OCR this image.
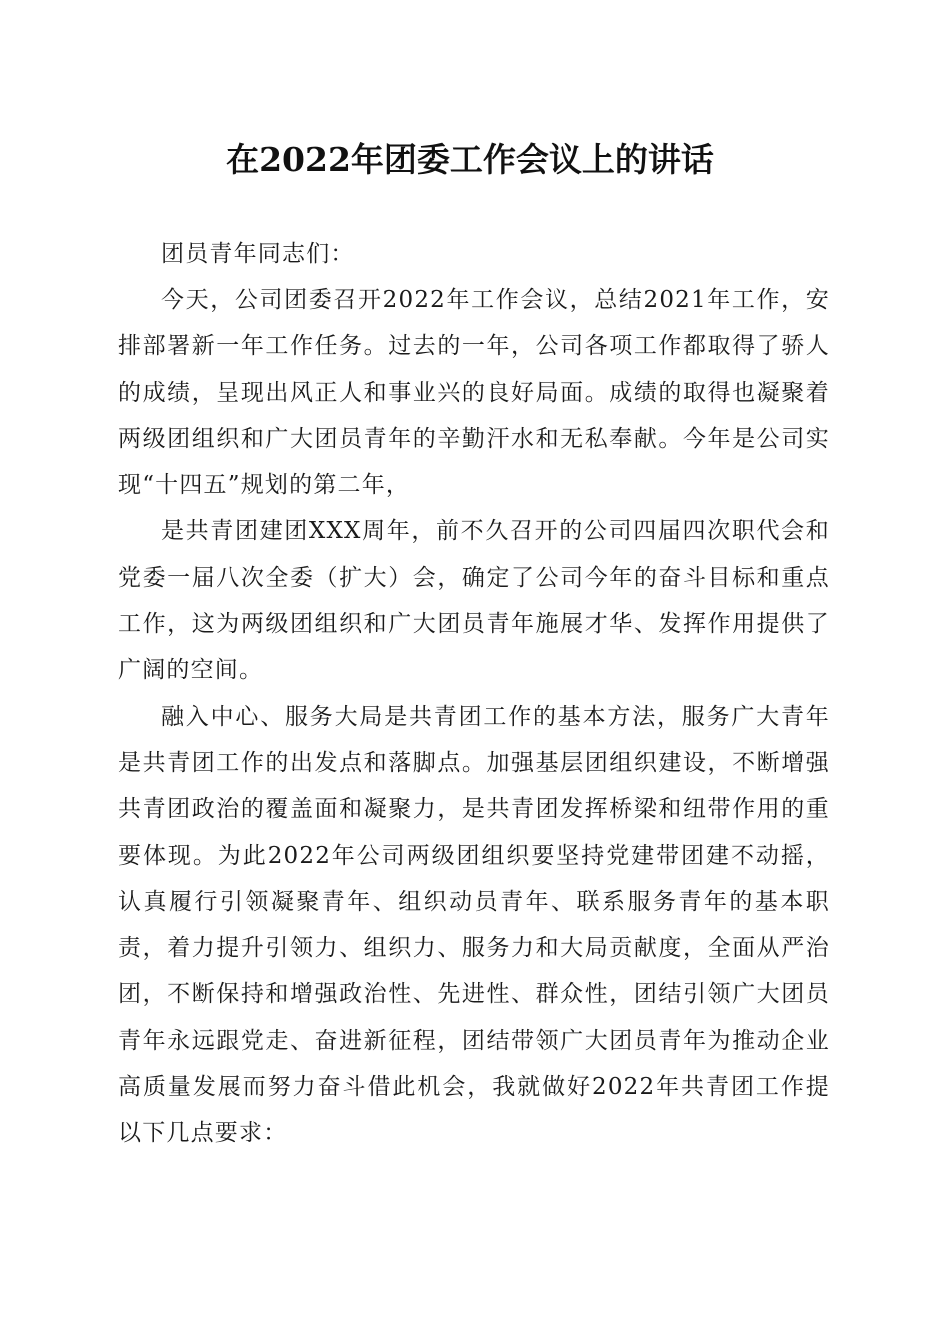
在2022年团委工作会议上的讲话

团员青年同志们：

今天，公司团委召开2022年工作会议，总结2021年工作，安排部署新一年工作任务。过去的一年，公司各项工作都取得了骄人的成绩，呈现出风正人和事业兴的良好局面。成绩的取得也凝聚着两级团组织和广大团员青年的辛勤汗水和无私奉献。今年是公司实现“十四五”规划的第二年，

是共青团建团XXX周年，前不久召开的公司四届四次职代会和党委一届八次全委（扩大）会，确定了公司今年的奋斗目标和重点工作，这为两级团组织和广大团员青年施展才华、发挥作用提供了广阔的空间。

融入中心、服务大局是共青团工作的基本方法，服务广大青年是共青团工作的出发点和落脚点。加强基层团组织建设，不断增强共青团政治的覆盖面和凝聚力，是共青团发挥桥梁和纽带作用的重要体现。为此2022年公司两级团组织要坚持党建带团建不动摇，认真履行引领凝聚青年、组织动员青年、联系服务青年的基本职责，着力提升引领力、组织力、服务力和大局贡献度，全面从严治团，不断保持和增强政治性、先进性、群众性，团结引领广大团员青年永远跟党走、奋进新征程，团结带领广大团员青年为推动企业高质量发展而努力奋斗借此机会，我就做好2022年共青团工作提以下几点要求：
